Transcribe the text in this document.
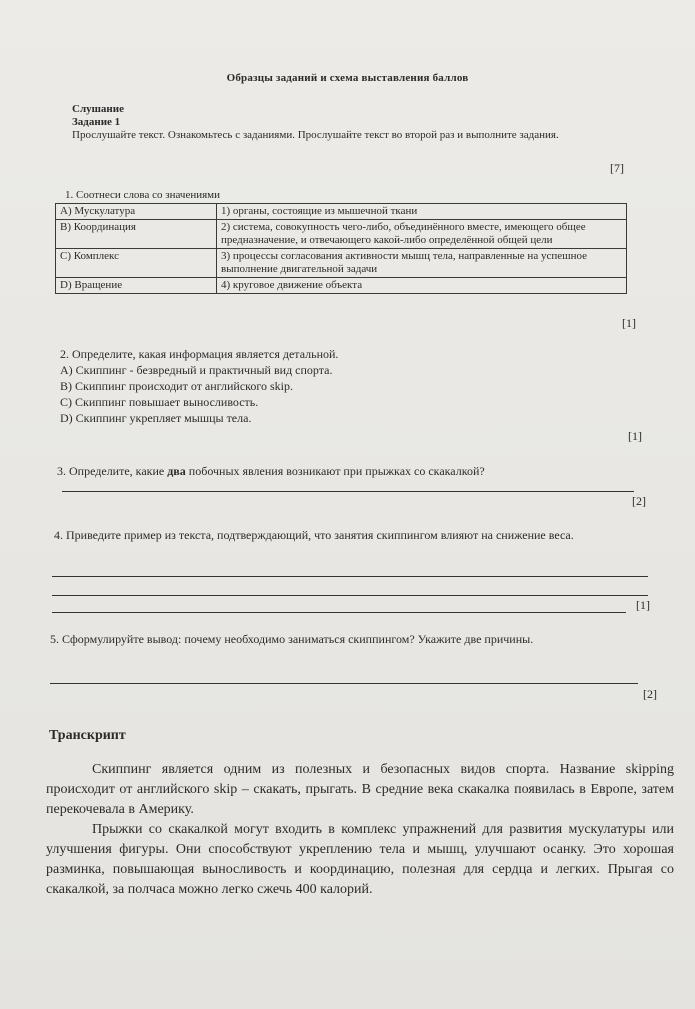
Образцы заданий и схема выставления баллов
Слушание
Задание 1
Прослушайте текст. Ознакомьтесь с заданиями. Прослушайте текст во второй раз и выполните задания.
[7]
1. Соотнеси слова со значениями
A) Мускулатура	1) органы, состоящие из мышечной ткани
B) Координация	2) система, совокупность чего-либо, объединённого вместе, имеющего общее предназначение, и отвечающего какой-либо определённой общей цели
C) Комплекс	3) процессы согласования активности мышц тела, направленные на успешное выполнение двигательной задачи
D) Вращение	4) круговое движение объекта
[1]
2. Определите, какая информация является детальной.
A) Скиппинг - безвредный и практичный вид спорта.
B) Скиппинг происходит от английского skip.
C) Скиппинг повышает выносливость.
D) Скиппинг укрепляет мышцы тела.
[1]
3. Определите, какие два побочных явления возникают при прыжках со скакалкой?
[2]
4. Приведите пример из текста, подтверждающий, что занятия скиппингом влияют на снижение веса.
[1]
5. Сформулируйте вывод: почему необходимо заниматься скиппингом? Укажите две причины.
[2]
Транскрипт

Скиппинг является одним из полезных и безопасных видов спорта. Название skipping происходит от английского skip – скакать, прыгать. В средние века скакалка появилась в Европе, затем перекочевала в Америку.

Прыжки со скакалкой могут входить в комплекс упражнений для развития мускулатуры или улучшения фигуры. Они способствуют укреплению тела и мышц, улучшают осанку. Это хорошая разминка, повышающая выносливость и координацию, полезная для сердца и легких. Прыгая со скакалкой, за полчаса можно легко сжечь 400 калорий.
